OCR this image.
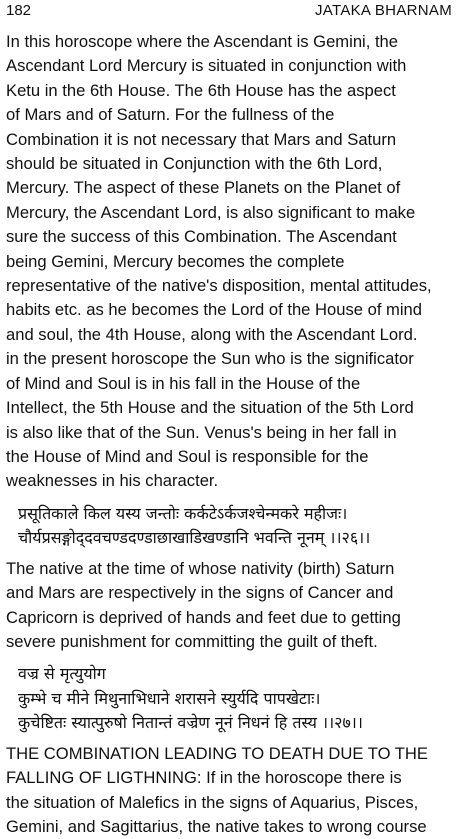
182	JATAKA BHARNAM
In this horoscope where the Ascendant is Gemini, the
Ascendant Lord Mercury is situated in conjunction with
Ketu in the 6th House. The 6th House has the aspect
of Mars and of Saturn. For the fullness of the
Combination it is not necessary that Mars and Saturn
should be situated in Conjunction with the 6th Lord,
Mercury. The aspect of these Planets on the Planet of
Mercury, the Ascendant Lord, is also significant to make
sure the success of this Combination. The Ascendant
being Gemini, Mercury becomes the complete
representative of the native's disposition, mental attitudes,
habits etc. as he becomes the Lord of the House of mind
and soul, the 4th House, along with the Ascendant Lord.
in the present horoscope the Sun who is the significator
of Mind and Soul is in his fall in the House of the
Intellect, the 5th House and the situation of the 5th Lord
is also like that of the Sun. Venus's being in her fall in
the House of Mind and Soul is responsible for the
weaknesses in his character.
प्रसूतिकाले किल यस्य जन्तोः कर्कटेऽर्कजश्चेन्मकरे महीजः।
चौर्यप्रसङ्गोद्‌दवचण्डदण्डाछाखाडिखण्डानि भवन्ति नूनम् ।।२६।।
The native at the time of whose nativity (birth) Saturn
and Mars are respectively in the signs of Cancer and
Capricorn is deprived of hands and feet due to getting
severe punishment for committing the guilt of theft.
वज्र से मृत्युयोग
कुम्भे च मीने मिथुनाभिधाने शरासने स्युर्यदि पापखेटाः।
कुचेष्टितः स्यात्पुरुषो नितान्तं वज्रेण नूनं निधनं हि तस्य ।।२७।।
THE COMBINATION LEADING TO DEATH DUE TO THE
FALLING OF LIGTHNING: If in the horoscope there is
the situation of Malefics in the signs of Aquarius, Pisces,
Gemini, and Sagittarius, the native takes to wrong course
